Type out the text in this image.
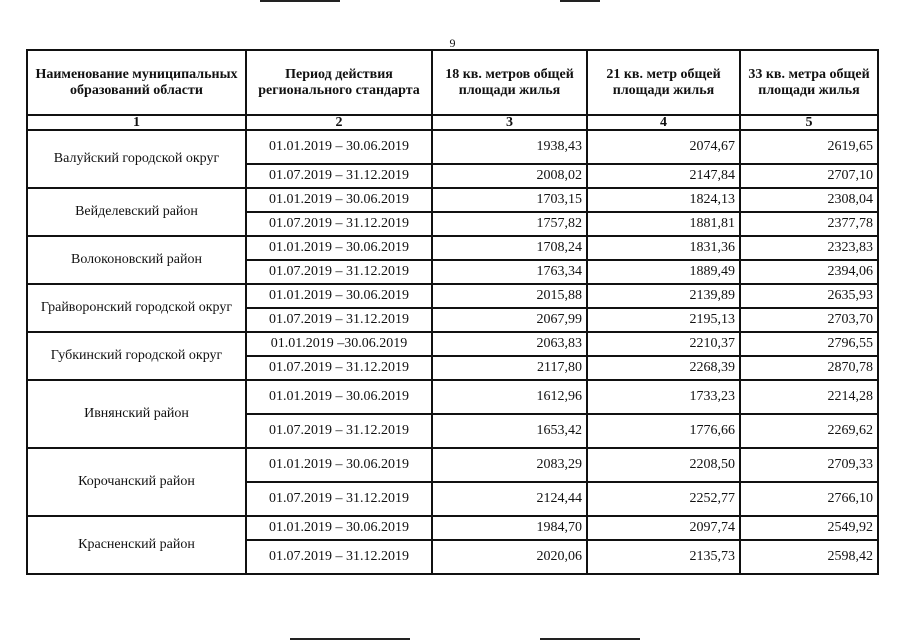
9
Наименование муниципальных образований области	Период действия регионального стандарта	18 кв. метров общей площади жилья	21 кв. метр общей площади жилья	33 кв. метра общей площади жилья
1	2	3	4	5
Валуйский городской округ	01.01.2019 – 30.06.2019	1938,43	2074,67	2619,65
	01.07.2019 – 31.12.2019	2008,02	2147,84	2707,10
Вейделевский район	01.01.2019 – 30.06.2019	1703,15	1824,13	2308,04
	01.07.2019 – 31.12.2019	1757,82	1881,81	2377,78
Волоконовский район	01.01.2019 – 30.06.2019	1708,24	1831,36	2323,83
	01.07.2019 – 31.12.2019	1763,34	1889,49	2394,06
Грайворонский городской округ	01.01.2019 – 30.06.2019	2015,88	2139,89	2635,93
	01.07.2019 – 31.12.2019	2067,99	2195,13	2703,70
Губкинский городской округ	01.01.2019 –30.06.2019	2063,83	2210,37	2796,55
	01.07.2019 – 31.12.2019	2117,80	2268,39	2870,78
Ивнянский район	01.01.2019 – 30.06.2019	1612,96	1733,23	2214,28
	01.07.2019 – 31.12.2019	1653,42	1776,66	2269,62
Корочанский район	01.01.2019 – 30.06.2019	2083,29	2208,50	2709,33
	01.07.2019 – 31.12.2019	2124,44	2252,77	2766,10
Красненский район	01.01.2019 – 30.06.2019	1984,70	2097,74	2549,92
	01.07.2019 – 31.12.2019	2020,06	2135,73	2598,42
